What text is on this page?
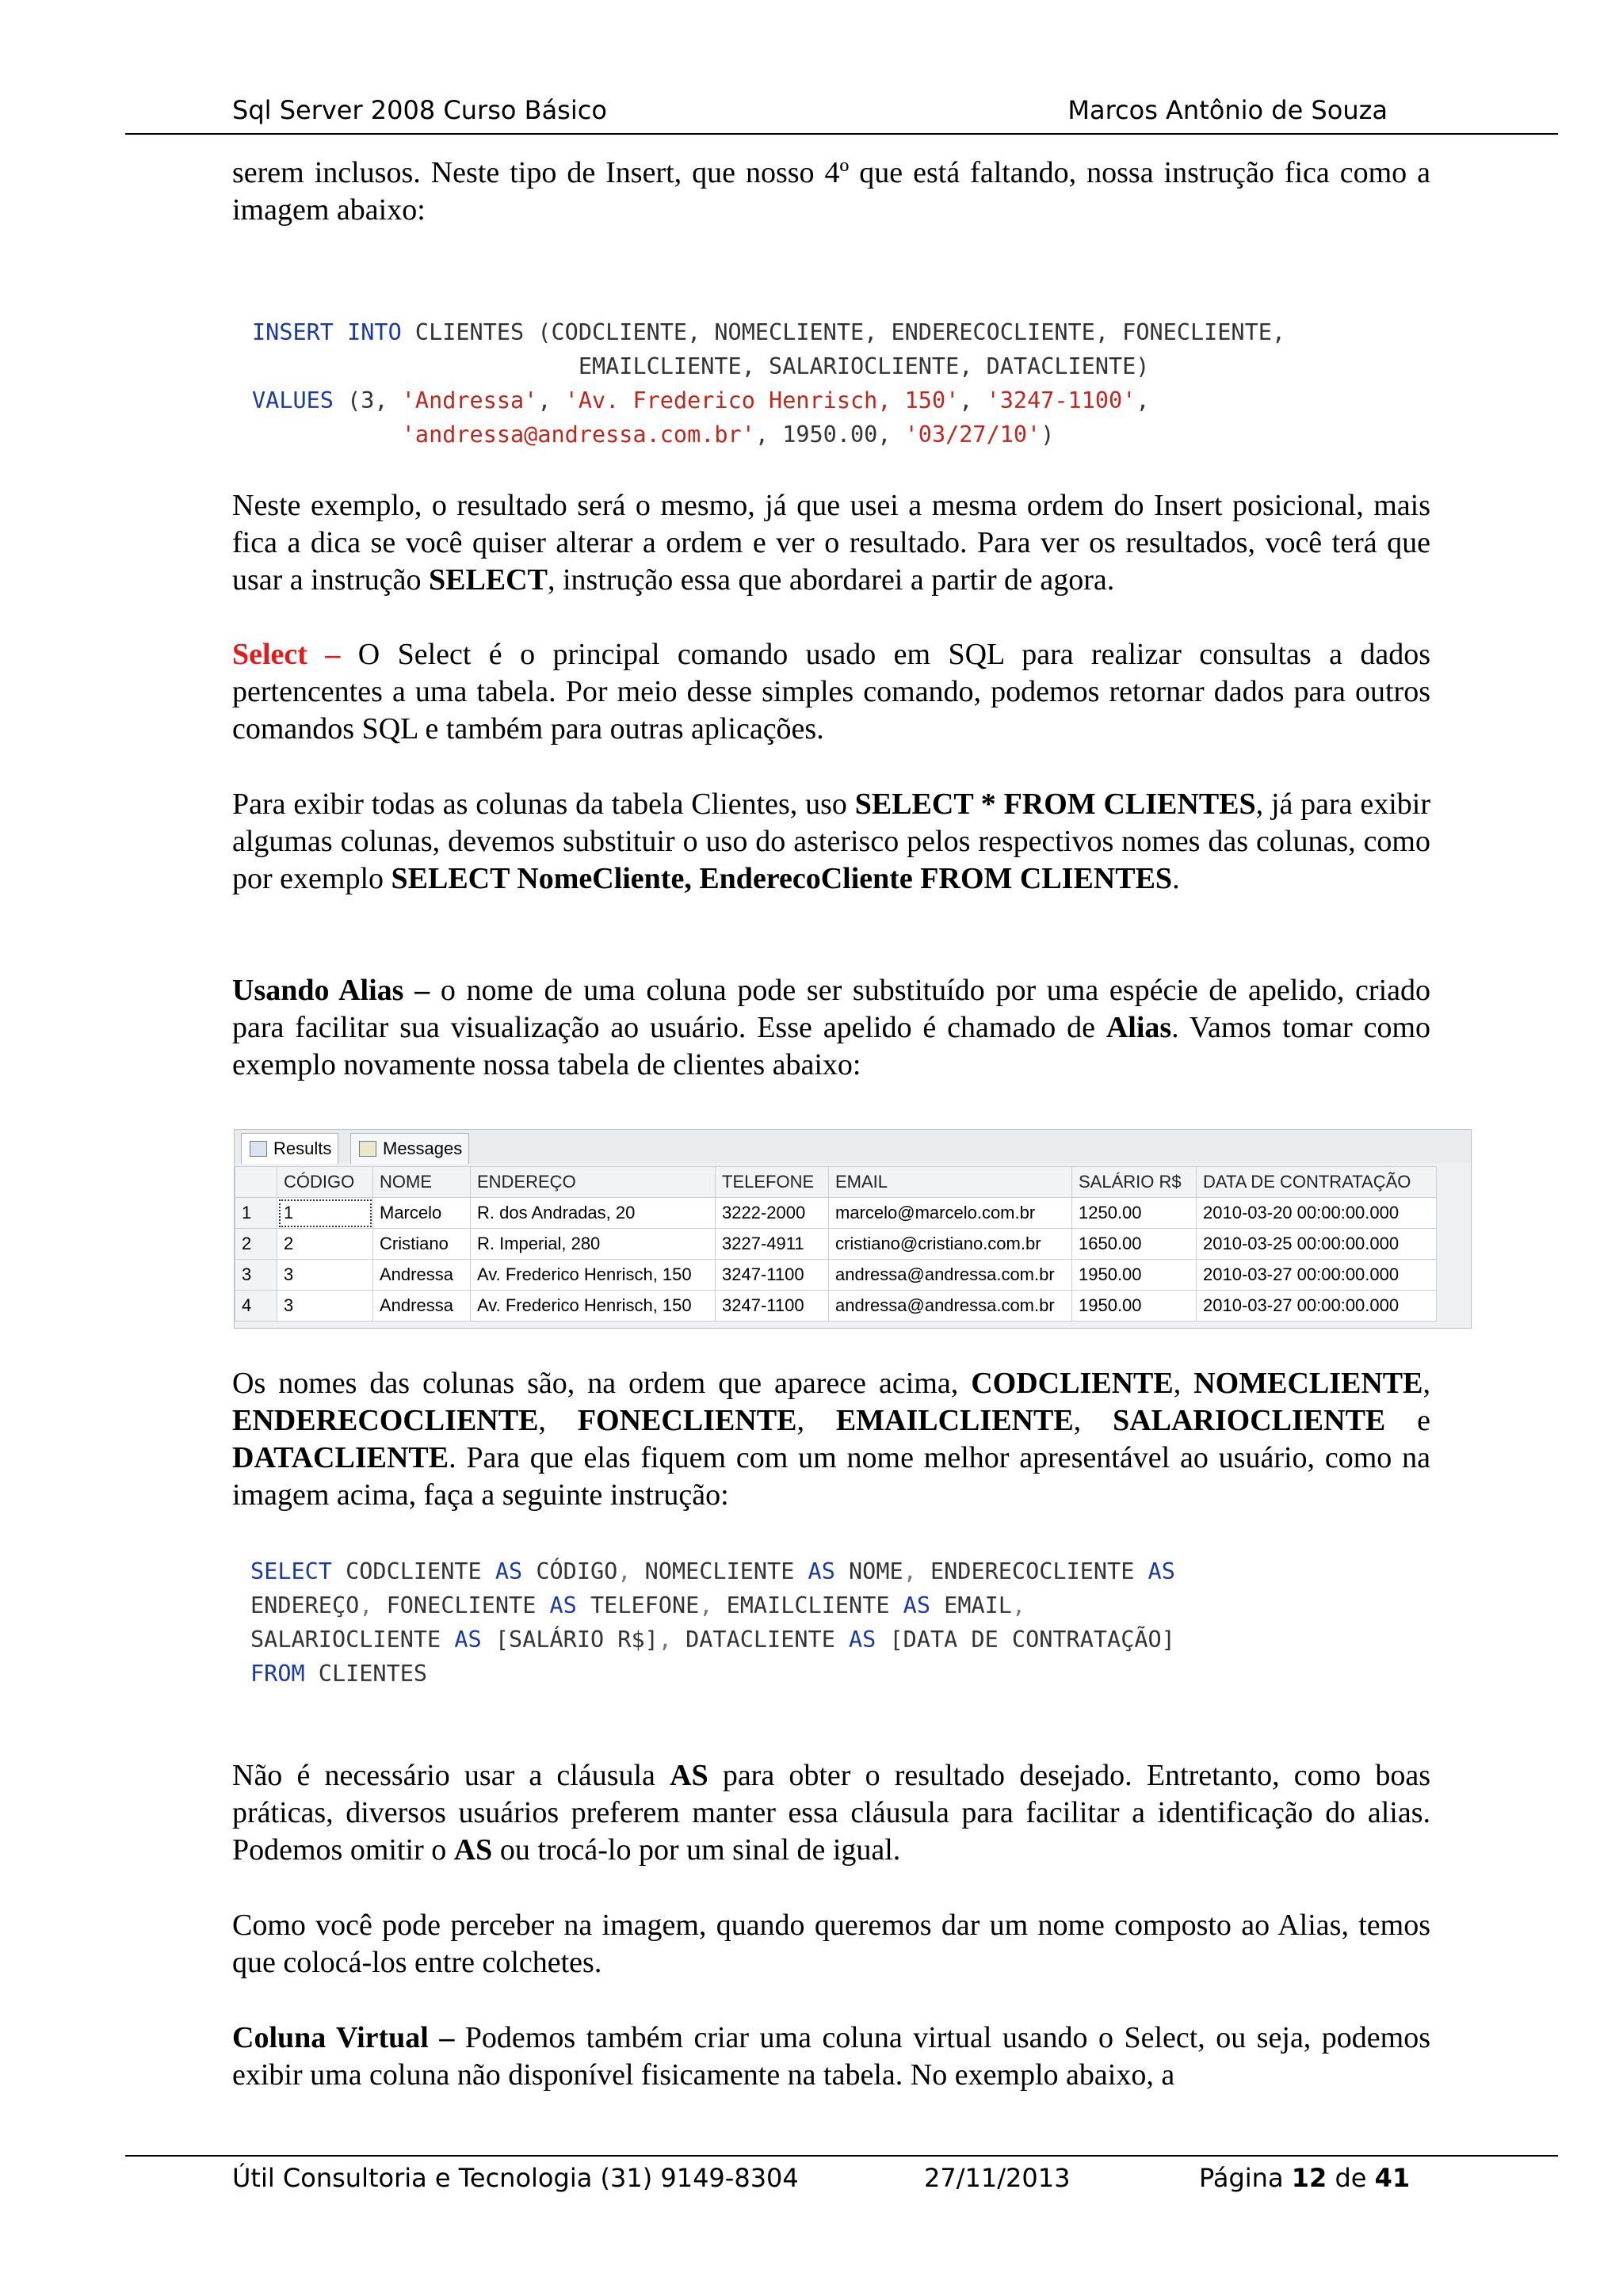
Sql Server 2008 Curso Básico	Marcos Antônio de Souza

serem inclusos. Neste tipo de Insert, que nosso 4º que está faltando, nossa instrução fica como a imagem abaixo:

INSERT INTO CLIENTES (CODCLIENTE, NOMECLIENTE, ENDERECOCLIENTE, FONECLIENTE,
EMAILCLIENTE, SALARIOCLIENTE, DATACLIENTE)
VALUES (3, 'Andressa', 'Av. Frederico Henrisch, 150', '3247-1100',
'andressa@andressa.com.br', 1950.00, '03/27/10')

Neste exemplo, o resultado será o mesmo, já que usei a mesma ordem do Insert posicional, mais fica a dica se você quiser alterar a ordem e ver o resultado. Para ver os resultados, você terá que usar a instrução SELECT, instrução essa que abordarei a partir de agora.

Select – O Select é o principal comando usado em SQL para realizar consultas a dados pertencentes a uma tabela. Por meio desse simples comando, podemos retornar dados para outros comandos SQL e também para outras aplicações.

Para exibir todas as colunas da tabela Clientes, uso SELECT * FROM CLIENTES, já para exibir algumas colunas, devemos substituir o uso do asterisco pelos respectivos nomes das colunas, como por exemplo SELECT NomeCliente, EnderecoCliente FROM CLIENTES.

Usando Alias – o nome de uma coluna pode ser substituído por uma espécie de apelido, criado para facilitar sua visualização ao usuário. Esse apelido é chamado de Alias. Vamos tomar como exemplo novamente nossa tabela de clientes abaixo:

Results	Messages
	CÓDIGO	NOME	ENDEREÇO	TELEFONE	EMAIL	SALÁRIO R$	DATA DE CONTRATAÇÃO
1	1	Marcelo	R. dos Andradas, 20	3222-2000	marcelo@marcelo.com.br	1250.00	2010-03-20 00:00:00.000
2	2	Cristiano	R. Imperial, 280	3227-4911	cristiano@cristiano.com.br	1650.00	2010-03-25 00:00:00.000
3	3	Andressa	Av. Frederico Henrisch, 150	3247-1100	andressa@andressa.com.br	1950.00	2010-03-27 00:00:00.000
4	3	Andressa	Av. Frederico Henrisch, 150	3247-1100	andressa@andressa.com.br	1950.00	2010-03-27 00:00:00.000

Os nomes das colunas são, na ordem que aparece acima, CODCLIENTE, NOMECLIENTE, ENDERECOCLIENTE, FONECLIENTE, EMAILCLIENTE, SALARIOCLIENTE e DATACLIENTE. Para que elas fiquem com um nome melhor apresentável ao usuário, como na imagem acima, faça a seguinte instrução:

SELECT CODCLIENTE AS CÓDIGO, NOMECLIENTE AS NOME, ENDERECOCLIENTE AS
ENDEREÇO, FONECLIENTE AS TELEFONE, EMAILCLIENTE AS EMAIL,
SALARIOCLIENTE AS [SALÁRIO R$], DATACLIENTE AS [DATA DE CONTRATAÇÃO]
FROM CLIENTES

Não é necessário usar a cláusula AS para obter o resultado desejado. Entretanto, como boas práticas, diversos usuários preferem manter essa cláusula para facilitar a identificação do alias. Podemos omitir o AS ou trocá-lo por um sinal de igual.

Como você pode perceber na imagem, quando queremos dar um nome composto ao Alias, temos que colocá-los entre colchetes.

Coluna Virtual – Podemos também criar uma coluna virtual usando o Select, ou seja, podemos exibir uma coluna não disponível fisicamente na tabela. No exemplo abaixo, a

Útil Consultoria e Tecnologia (31) 9149-8304	27/11/2013	Página 12 de 41
